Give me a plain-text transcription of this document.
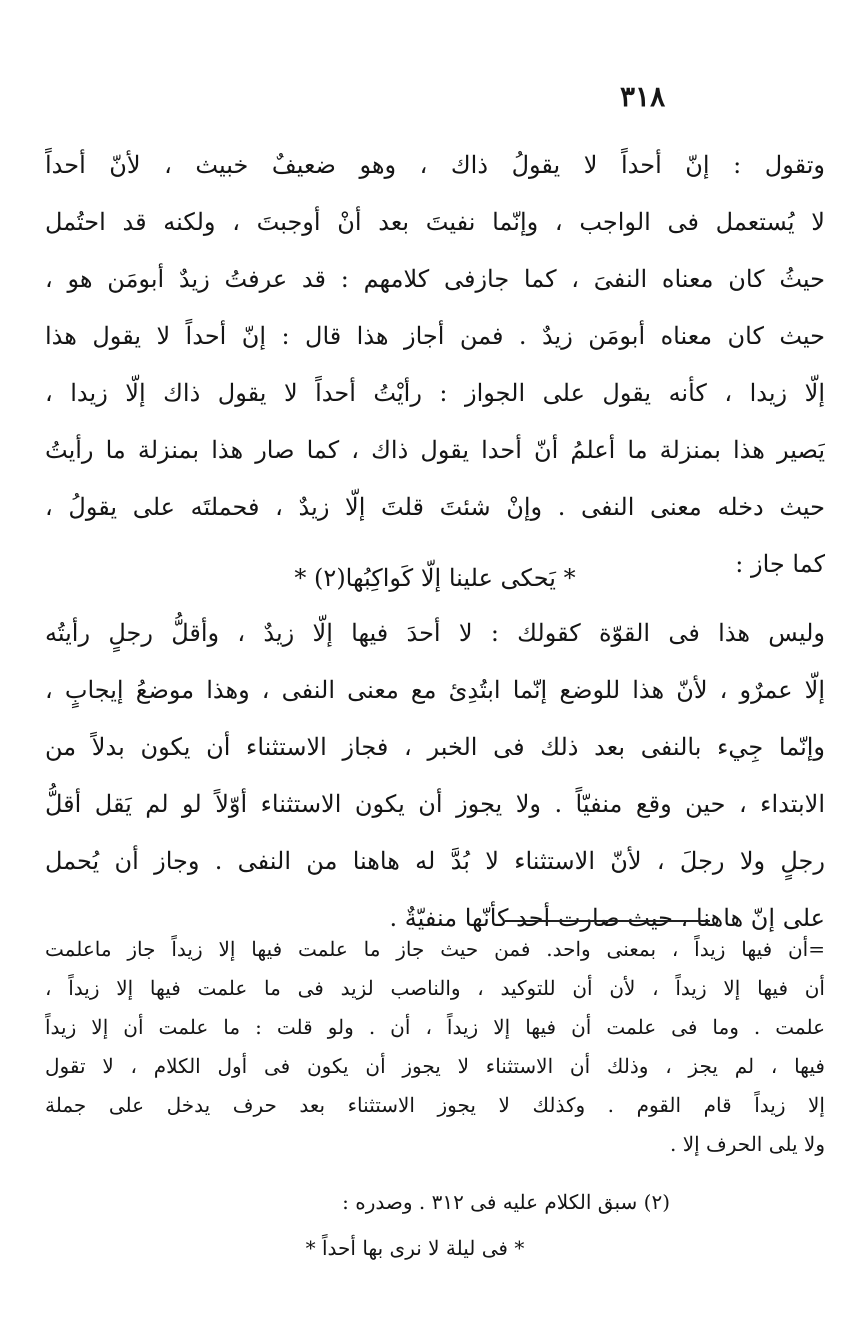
٣١٨
وتقول : إنّ أحداً لا يقولُ ذاك ، وهو ضعيفٌ خبيث ، لأنّ أحداً
لا يُستعمل فى الواجب ، وإنّما نفيتَ بعد أنْ أوجبتَ ، ولكنه قد احتُمل
حيثُ كان معناه النفىَ ، كما جازفى كلامهم : قد عرفتُ زيدٌ أبومَن هو ،
حيث كان معناه أبومَن زيدٌ . فمن أجاز هذا قال : إنّ أحداً لا يقول هذا
إلّا زيدا ، كأنه يقول على الجواز : رأيْتُ أحداً لا يقول ذاك إلّا زيدا ،
يَصير هذا بمنزلة ما أعلمُ أنّ أحدا يقول ذاك ، كما صار هذا بمنزلة ما رأيتُ
حيث دخله معنى النفى . وإنْ شئتَ قلتَ إلّا زيدٌ ، فحملتَه على يقولُ ،
كما جاز :
* يَحكى علينا إلّا كَواكِبُها(٢) *
وليس هذا فى القوّة كقولك : لا أحدَ فيها إلّا زيدٌ ، وأقلُّ رجلٍ رأيتُه
إلّا عمرٌو ، لأنّ هذا للوضع إنّما ابتُدِئ مع معنى النفى ، وهذا موضعُ إيجابٍ ،
وإنّما جِيء بالنفى بعد ذلك فى الخبر ، فجاز الاستثناء أن يكون بدلاً من
الابتداء ، حين وقع منفيّاً . ولا يجوز أن يكون الاستثناء أوّلاً لو لم يَقل أقلُّ
رجلٍ ولا رجلَ ، لأنّ الاستثناء لا بُدَّ له هاهنا من النفى . وجاز أن يُحمل
على إنّ هاهنا ، حيث صارت أحد كأنّها منفيّةٌ .
=أن فيها زيداً ، بمعنى واحد. فمن حيث جاز ما علمت فيها إلا زيداً جاز ماعلمت
أن فيها إلا زيداً ، لأن أن للتوكيد ، والناصب لزيد فى ما علمت فيها إلا زيداً ،
علمت . وما فى علمت أن فيها إلا زيداً ، أن . ولو قلت : ما علمت أن إلا زيداً
فيها ، لم يجز ، وذلك أن الاستثناء لا يجوز أن يكون فى أول الكلام ، لا تقول
إلا زيداً قام القوم . وكذلك لا يجوز الاستثناء بعد حرف يدخل على جملة
ولا يلى الحرف إلا .
(٢) سبق الكلام عليه فى ٣١٢ . وصدره :
* فى ليلة لا نرى بها أحداً *
